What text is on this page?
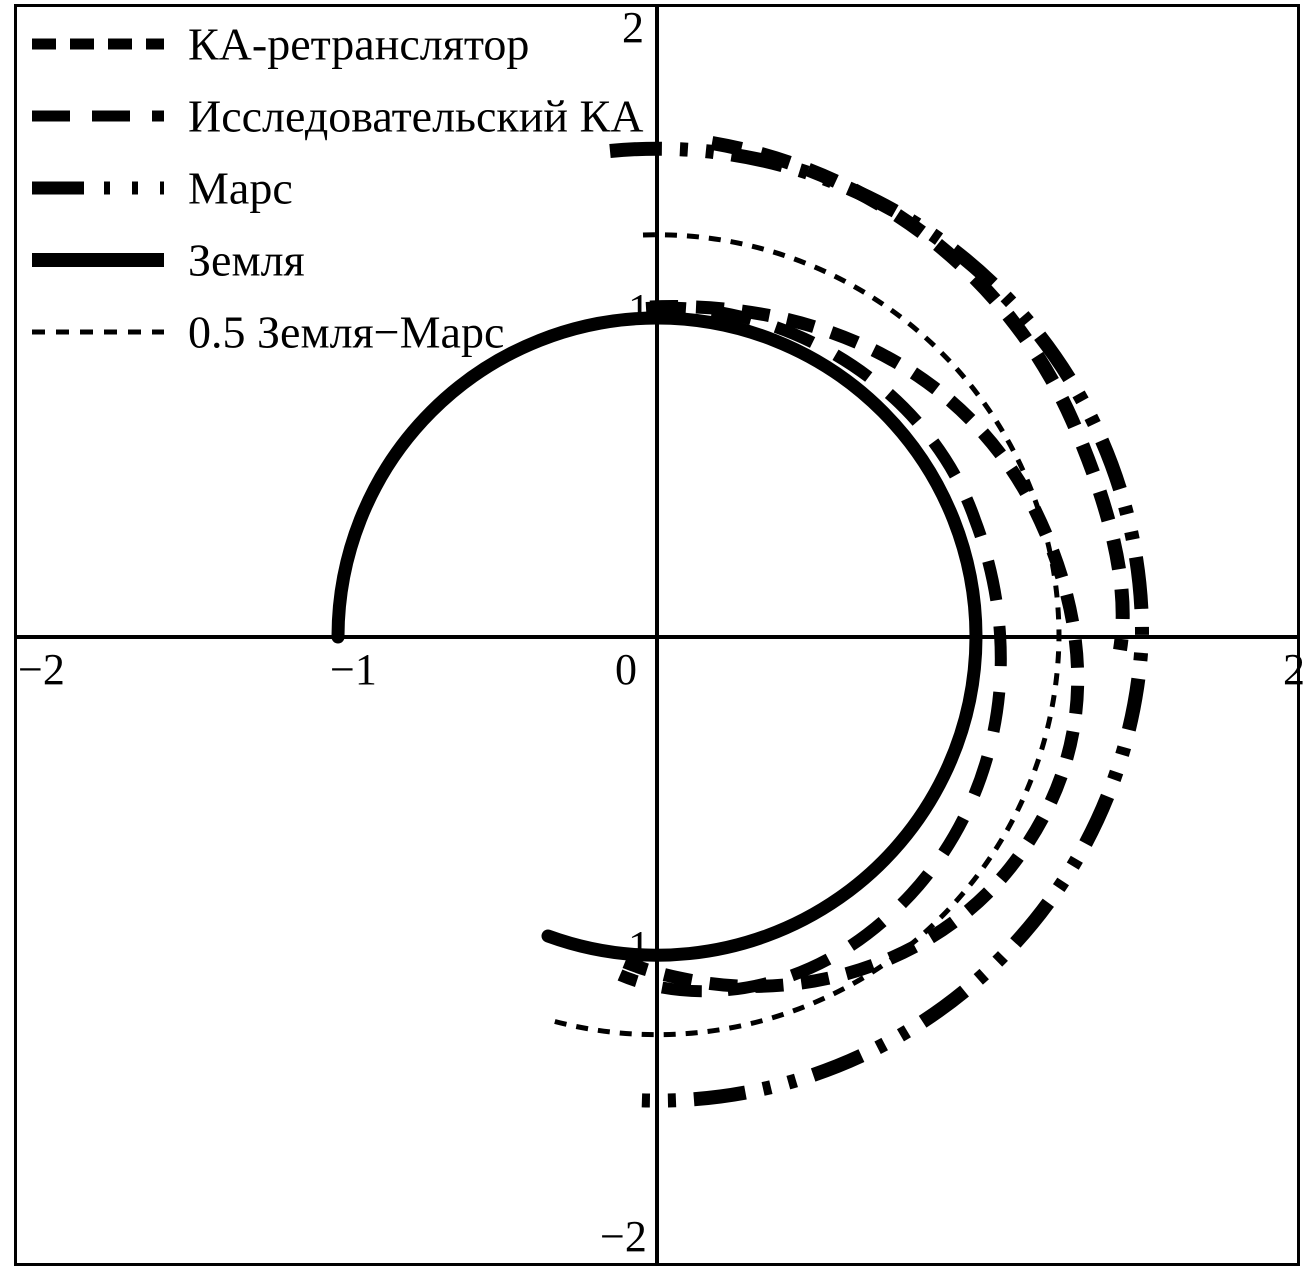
−2	−1	0	2
2
1
1
−2
КА-ретранслятор
Исследовательский КА
Марс
Земля
0.5 Земля−Марс
